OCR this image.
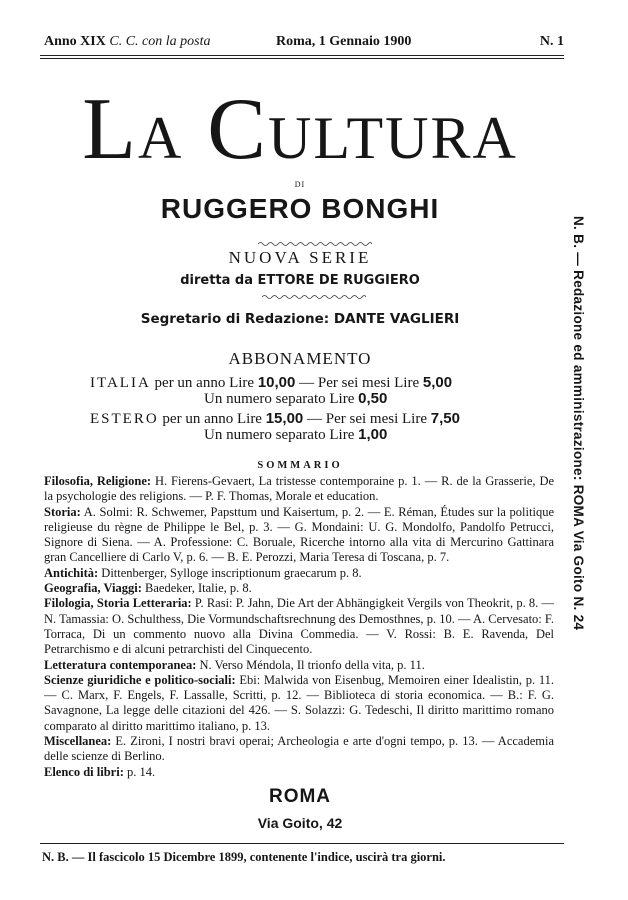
Anno XIX C. C. con la posta	Roma, 1 Gennaio 1900	N. 1
LA CULTURA
DI
RUGGERO BONGHI
NUOVA SERIE
diretta da ETTORE DE RUGGIERO
Segretario di Redazione: DANTE VAGLIERI
ABBONAMENTO
ITALIA per un anno Lire 10,00 — Per sei mesi Lire 5,00
Un numero separato Lire 0,50
ESTERO per un anno Lire 15,00 — Per sei mesi Lire 7,50
Un numero separato Lire 1,00
SOMMARIO

Filosofia, Religione: H. Fierens-Gevaert, La tristesse contemporaine p. 1. — R. de la Grasserie, De la psychologie des religions. — P. F. Thomas, Morale et education.

Storia: A. Solmi: R. Schwemer, Papsttum und Kaisertum, p. 2. — E. Réman, Études sur la politique religieuse du règne de Philippe le Bel, p. 3. — G. Mondaini: U. G. Mondolfo, Pandolfo Petrucci, Signore di Siena. — A. Professione: C. Boruale, Ricerche intorno alla vita di Mercurino Gattinara gran Cancelliere di Carlo V, p. 6. — B. E. Perozzi, Maria Teresa di Toscana, p. 7.

Antichità: Dittenberger, Sylloge inscriptionum graecarum p. 8.

Geografia, Viaggi: Baedeker, Italie, p. 8.

Filologia, Storia Letteraria: P. Rasi: P. Jahn, Die Art der Abhängigkeit Vergils von Theokrit, p. 8. — N. Tamassia: O. Schulthess, Die Vormundschaftsrechnung des Demosthnes, p. 10. — A. Cervesato: F. Torraca, Di un commento nuovo alla Divina Commedia. — V. Rossi: B. E. Ravenda, Del Petrarchismo e di alcuni petrarchisti del Cinquecento.

Letteratura contemporanea: N. Verso Méndola, Il trionfo della vita, p. 11.

Scienze giuridiche e politico-sociali: Ebi: Malwida von Eisenbug, Memoiren einer Idealistin, p. 11. — C. Marx, F. Engels, F. Lassalle, Scritti, p. 12. — Biblioteca di storia economica. — B.: F. G. Savagnone, La legge delle citazioni del 426. — S. Solazzi: G. Tedeschi, Il diritto marittimo romano comparato al diritto marittimo italiano, p. 13.

Miscellanea: E. Zironi, I nostri bravi operai; Archeologia e arte d'ogni tempo, p. 13. — Accademia delle scienze di Berlino.

Elenco di libri: p. 14.

ROMA
Via Goito, 42
N. B. — Il fascicolo 15 Dicembre 1899, contenente l'indice, uscirà tra giorni.
N. B. — Redazione ed amministrazione: ROMA Via Goito N. 24
